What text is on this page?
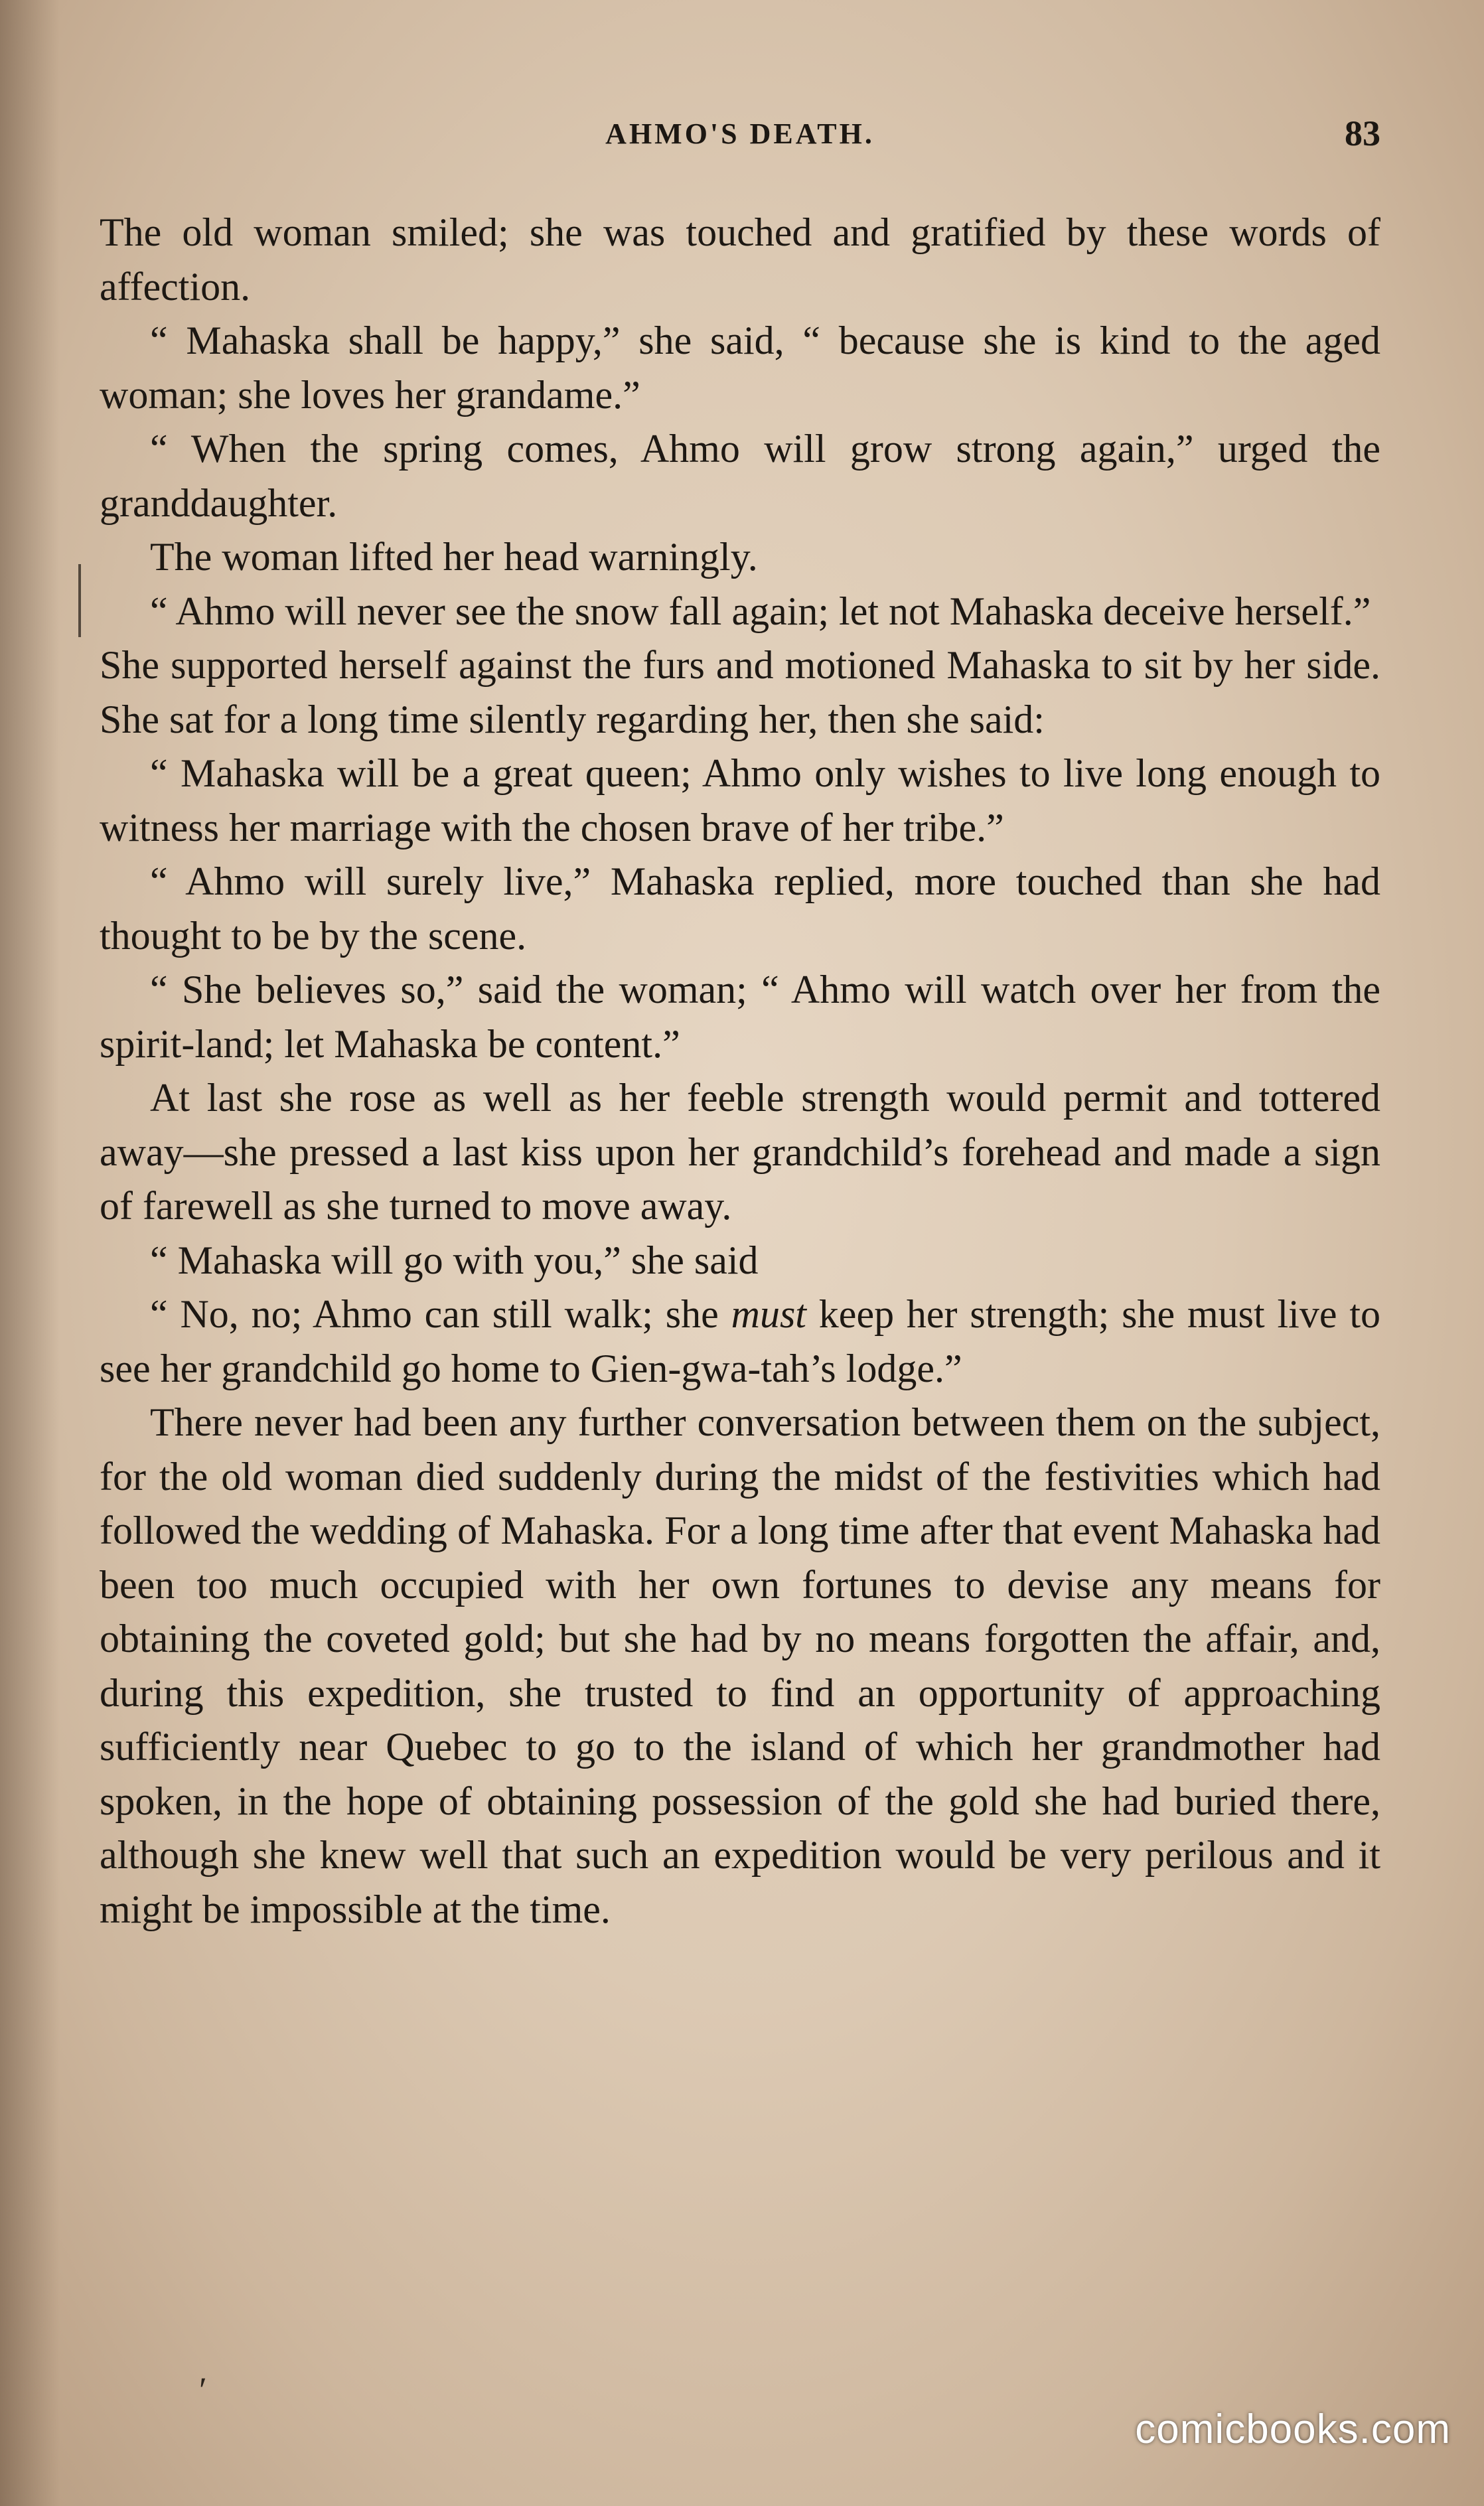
AHMO'S DEATH.	83

The old woman smiled; she was touched and gratified by these words of affection.

“ Mahaska shall be happy,” she said, “ because she is kind to the aged woman; she loves her grandame.”

“ When the spring comes, Ahmo will grow strong again,” urged the granddaughter.

The woman lifted her head warningly.

“ Ahmo will never see the snow fall again; let not Mahaska deceive herself.”

She supported herself against the furs and motioned Mahaska to sit by her side. She sat for a long time silently regarding her, then she said:

“ Mahaska will be a great queen; Ahmo only wishes to live long enough to witness her marriage with the chosen brave of her tribe.”

“ Ahmo will surely live,” Mahaska replied, more touched than she had thought to be by the scene.

“ She believes so,” said the woman; “ Ahmo will watch over her from the spirit-land; let Mahaska be content.”

At last she rose as well as her feeble strength would permit and tottered away—she pressed a last kiss upon her grandchild’s forehead and made a sign of farewell as she turned to move away.

“ Mahaska will go with you,” she said

“ No, no; Ahmo can still walk; she must keep her strength; she must live to see her grandchild go home to Gien-gwa-tah’s lodge.”

There never had been any further conversation between them on the subject, for the old woman died suddenly during the midst of the festivities which had followed the wedding of Mahaska. For a long time after that event Mahaska had been too much occupied with her own fortunes to devise any means for obtaining the coveted gold; but she had by no means forgotten the affair, and, during this expedition, she trusted to find an opportunity of approaching sufficiently near Quebec to go to the island of which her grandmother had spoken, in the hope of obtaining possession of the gold she had buried there, although she knew well that such an expedition would be very perilous and it might be impossible at the time.

′
comicbooks.com
